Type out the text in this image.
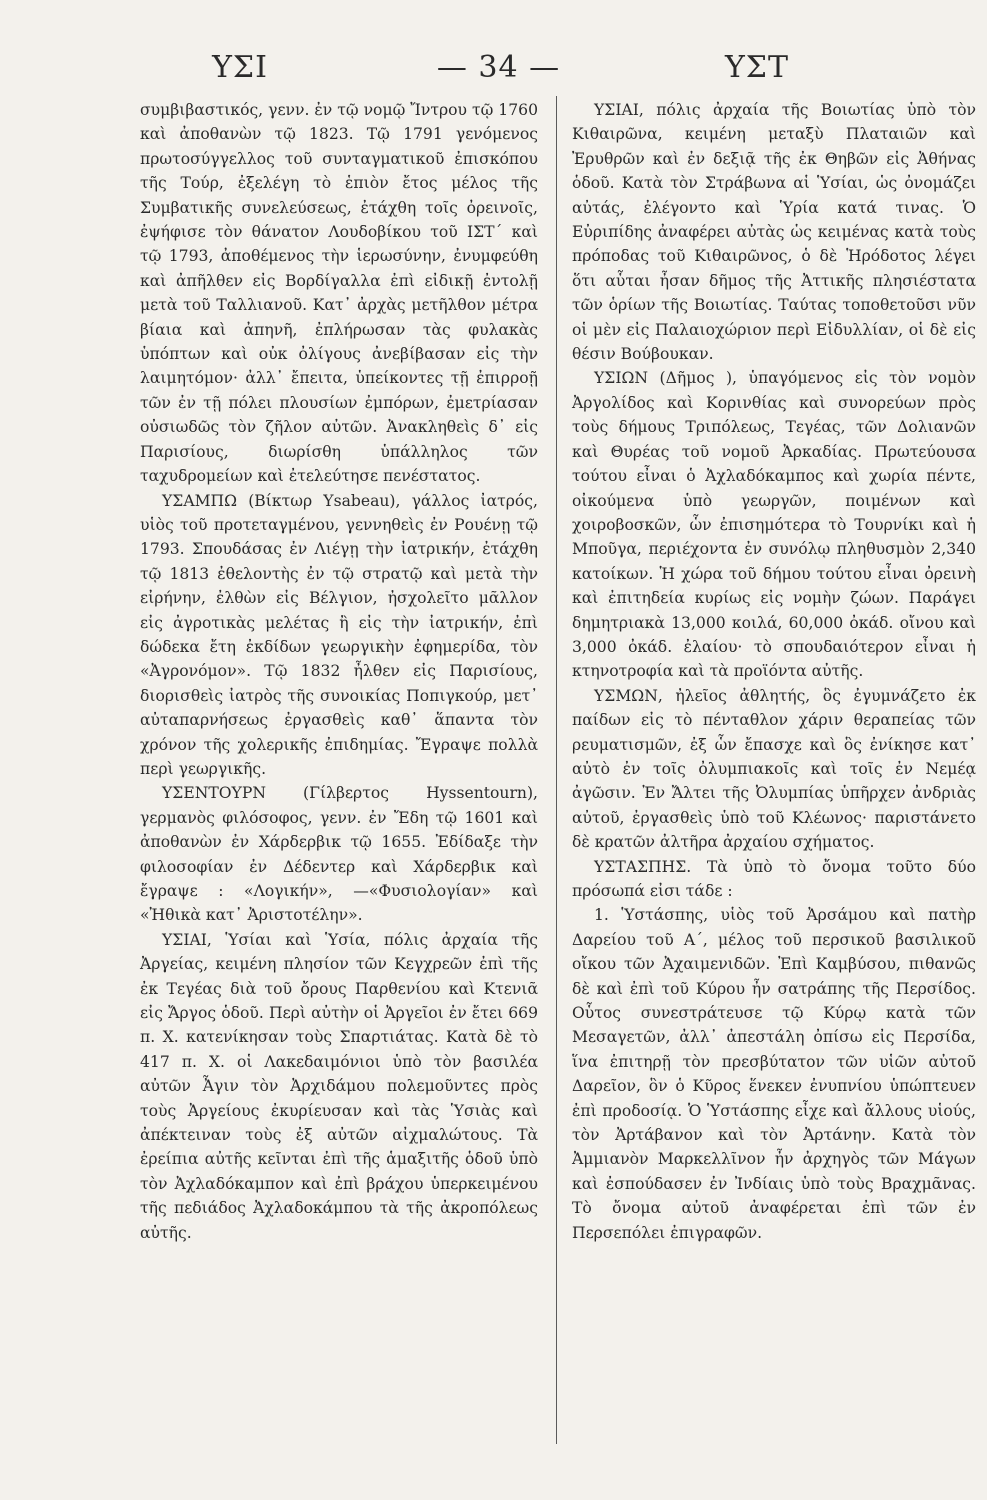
ΥΣΙ	— 34 —	ΥΣΤ

συμβιβαστικός, γενν. ἐν τῷ νομῷ Ἴντρου τῷ 1760 καὶ ἀποθανὼν τῷ 1823. Τῷ 1791 γενόμενος πρωτοσύγγελλος τοῦ συνταγματικοῦ ἐπισκόπου τῆς Τούρ, ἐξελέγη τὸ ἑπιὸν ἔτος μέλος τῆς Συμβατικῆς συνελεύσεως, ἐτάχθη τοῖς ὀρεινοῖς, ἐψήφισε τὸν θάνατον Λουδοβίκου τοῦ ΙΣΤ΄ καὶ τῷ 1793, ἀποθέμενος τὴν ἱερωσύνην, ἐνυμφεύθη καὶ ἀπῆλθεν εἰς Βορδίγαλλα ἐπὶ εἰδικῇ ἐντολῇ μετὰ τοῦ Ταλλιανοῦ. Κατ᾽ ἀρχὰς μετῆλθον μέτρα βίαια καὶ ἀπηνῆ, ἐπλήρωσαν τὰς φυλακὰς ὑπόπτων καὶ οὐκ ὀλίγους ἀνεβίβασαν εἰς τὴν λαιμητόμον· ἀλλ᾽ ἔπειτα, ὑπείκοντες τῇ ἐπιρροῇ τῶν ἐν τῇ πόλει πλουσίων ἐμπόρων, ἐμετρίασαν οὐσιωδῶς τὸν ζῆλον αὐτῶν. Ἀνακληθεὶς δ᾽ εἰς Παρισίους, διωρίσθη ὑπάλληλος τῶν ταχυδρομείων καὶ ἐτελεύτησε πενέστατος.

ΥΣΑΜΠΩ (Βίκτωρ Ysabeau), γάλλος ἰατρός, υἱὸς τοῦ προτεταγμένου, γεννηθεὶς ἐν Ρουένῃ τῷ 1793. Σπουδάσας ἐν Λιέγῃ τὴν ἰατρικήν, ἐτάχθη τῷ 1813 ἐθελοντὴς ἐν τῷ στρατῷ καὶ μετὰ τὴν εἰρήνην, ἐλθὼν εἰς Βέλγιον, ἠσχολεῖτο μᾶλλον εἰς ἀγροτικὰς μελέτας ἢ εἰς τὴν ἰατρικήν, ἐπὶ δώδεκα ἔτη ἐκδίδων γεωργικὴν ἐφημερίδα, τὸν «Ἀγρονόμον». Τῷ 1832 ἦλθεν εἰς Παρισίους, διορισθεὶς ἰατρὸς τῆς συνοικίας Ποπιγκούρ, μετ᾽ αὐταπαρνήσεως ἐργασθεὶς καθ᾽ ἅπαντα τὸν χρόνον τῆς χολερικῆς ἐπιδημίας. Ἔγραψε πολλὰ περὶ γεωργικῆς.

ΥΣΕΝΤΟΥΡΝ (Γίλβερτος Hyssentourn), γερμανὸς φιλόσοφος, γενν. ἐν Ἔδη τῷ 1601 καὶ ἀποθανὼν ἐν Χάρδερβικ τῷ 1655. Ἐδίδαξε τὴν φιλοσοφίαν ἐν Δέδεντερ καὶ Χάρδερβικ καὶ ἔγραψε : «Λογικήν», —«Φυσιολογίαν» καὶ «Ἠθικὰ κατ᾽ Ἀριστοτέλην».

ΥΣΙΑΙ, Ὑσίαι καὶ Ὑσία, πόλις ἀρχαία τῆς Ἀργείας, κειμένη πλησίον τῶν Κεγχρεῶν ἐπὶ τῆς ἐκ Τεγέας διὰ τοῦ ὄρους Παρθενίου καὶ Κτενιᾶ εἰς Ἄργος ὁδοῦ. Περὶ αὐτὴν οἱ Ἀργεῖοι ἐν ἔτει 669 π. Χ. κατενίκησαν τοὺς Σπαρτιάτας. Κατὰ δὲ τὸ 417 π. Χ. οἱ Λακεδαιμόνιοι ὑπὸ τὸν βασιλέα αὐτῶν Ἆγιν τὸν Ἀρχιδάμου πολεμοῦντες πρὸς τοὺς Ἀργείους ἐκυρίευσαν καὶ τὰς Ὑσιὰς καὶ ἀπέκτειναν τοὺς ἐξ αὐτῶν αἰχμαλώτους. Τὰ ἐρείπια αὐτῆς κεῖνται ἐπὶ τῆς ἁμαξιτῆς ὁδοῦ ὑπὸ τὸν Ἀχλαδόκαμπον καὶ ἐπὶ βράχου ὑπερκειμένου τῆς πεδιάδος Ἀχλαδοκάμπου τὰ τῆς ἀκροπόλεως αὐτῆς.

ΥΣΙΑΙ, πόλις ἀρχαία τῆς Βοιωτίας ὑπὸ τὸν Κιθαιρῶνα, κειμένη μεταξὺ Πλαταιῶν καὶ Ἐρυθρῶν καὶ ἐν δεξιᾷ τῆς ἐκ Θηβῶν εἰς Ἀθήνας ὁδοῦ. Κατὰ τὸν Στράβωνα αἱ Ὑσίαι, ὡς ὀνομάζει αὐτάς, ἐλέγοντο καὶ Ὑρία κατά τινας. Ὁ Εὐριπίδης ἀναφέρει αὐτὰς ὡς κειμένας κατὰ τοὺς πρόποδας τοῦ Κιθαιρῶνος, ὁ δὲ Ἡρόδοτος λέγει ὅτι αὗται ἦσαν δῆμος τῆς Ἀττικῆς πλησιέστατα τῶν ὁρίων τῆς Βοιωτίας. Ταύτας τοποθετοῦσι νῦν οἱ μὲν εἰς Παλαιοχώριον περὶ Εἰδυλλίαν, οἱ δὲ εἰς θέσιν Βούβουκαν.

ΥΣΙΩΝ (Δῆμος ), ὑπαγόμενος εἰς τὸν νομὸν Ἀργολίδος καὶ Κορινθίας καὶ συνορεύων πρὸς τοὺς δήμους Τριπόλεως, Τεγέας, τῶν Δολιανῶν καὶ Θυρέας τοῦ νομοῦ Ἀρκαδίας. Πρωτεύουσα τούτου εἶναι ὁ Ἀχλαδόκαμπος καὶ χωρία πέντε, οἰκούμενα ὑπὸ γεωργῶν, ποιμένων καὶ χοιροβοσκῶν, ὧν ἐπισημότερα τὸ Τουρνίκι καὶ ἡ Μποῦγα, περιέχοντα ἐν συνόλῳ πληθυσμὸν 2,340 κατοίκων. Ἡ χώρα τοῦ δήμου τούτου εἶναι ὀρεινὴ καὶ ἐπιτηδεία κυρίως εἰς νομὴν ζώων. Παράγει δημητριακὰ 13,000 κοιλά, 60,000 ὀκάδ. οἴνου καὶ 3,000 ὀκάδ. ἐλαίου· τὸ σπουδαιότερον εἶναι ἡ κτηνοτροφία καὶ τὰ προϊόντα αὐτῆς.

ΥΣΜΩΝ, ἠλεῖος ἀθλητής, ὃς ἐγυμνάζετο ἐκ παίδων εἰς τὸ πένταθλον χάριν θεραπείας τῶν ρευματισμῶν, ἐξ ὧν ἔπασχε καὶ ὃς ἐνίκησε κατ᾽ αὐτὸ ἐν τοῖς ὀλυμπιακοῖς καὶ τοῖς ἐν Νεμέᾳ ἀγῶσιν. Ἐν Ἄλτει τῆς Ὀλυμπίας ὑπῆρχεν ἀνδριὰς αὐτοῦ, ἐργασθεὶς ὑπὸ τοῦ Κλέωνος· παριστάνετο δὲ κρατῶν ἀλτῆρα ἀρχαίου σχήματος.

ΥΣΤΑΣΠΗΣ. Τὰ ὑπὸ τὸ ὄνομα τοῦτο δύο πρόσωπά εἰσι τάδε :

1. Ὑστάσπης, υἱὸς τοῦ Ἀρσάμου καὶ πατὴρ Δαρείου τοῦ Α΄, μέλος τοῦ περσικοῦ βασιλικοῦ οἴκου τῶν Ἀχαιμενιδῶν. Ἐπὶ Καμβύσου, πιθανῶς δὲ καὶ ἐπὶ τοῦ Κύρου ἦν σατράπης τῆς Περσίδος. Οὗτος συνεστράτευσε τῷ Κύρῳ κατὰ τῶν Μεσαγετῶν, ἀλλ᾽ ἀπεστάλη ὀπίσω εἰς Περσίδα, ἵνα ἐπιτηρῇ τὸν πρεσβύτατον τῶν υἱῶν αὐτοῦ Δαρεῖον, ὃν ὁ Κῦρος ἕνεκεν ἐνυπνίου ὑπώπτευεν ἐπὶ προδοσίᾳ. Ὁ Ὑστάσπης εἶχε καὶ ἄλλους υἱούς, τὸν Ἀρτάβανον καὶ τὸν Ἀρτάνην. Κατὰ τὸν Ἀμμιανὸν Μαρκελλῖνον ἦν ἀρχηγὸς τῶν Μάγων καὶ ἐσπούδασεν ἐν Ἰνδίαις ὑπὸ τοὺς Βραχμᾶνας. Τὸ ὄνομα αὐτοῦ ἀναφέρεται ἐπὶ τῶν ἐν Περσεπόλει ἐπιγραφῶν.
